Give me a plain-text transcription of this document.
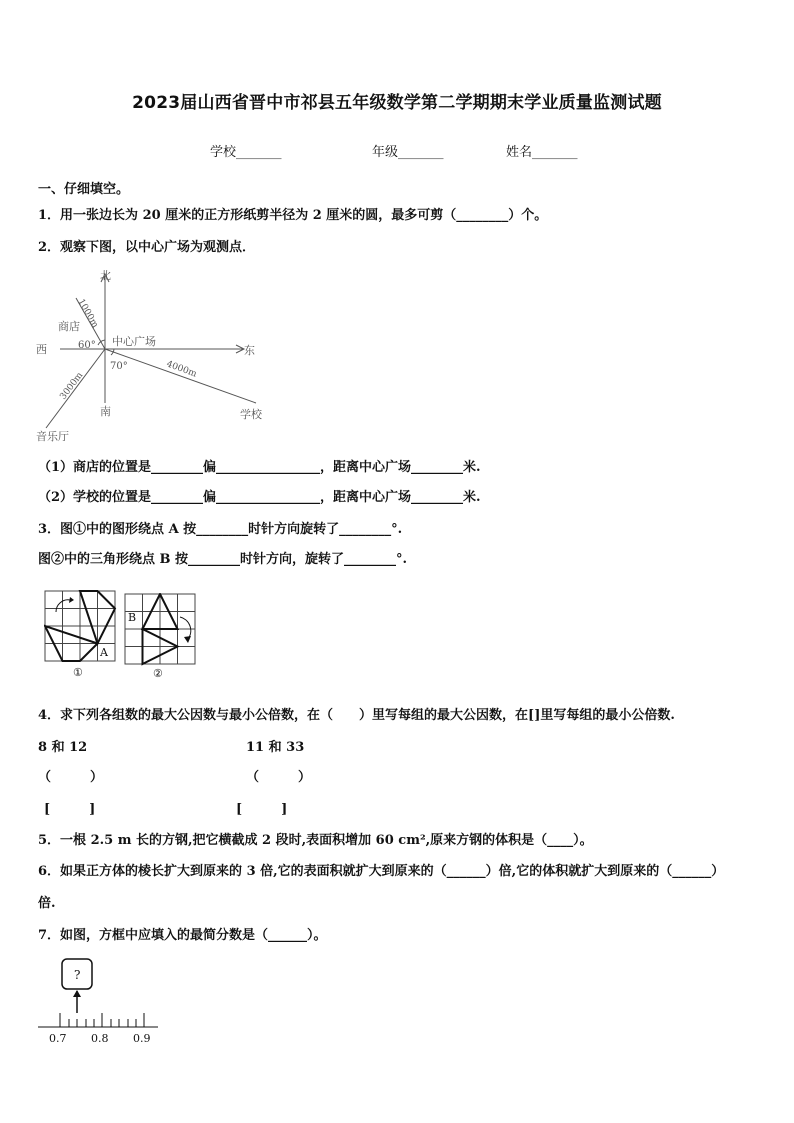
2023届山西省晋中市祁县五年级数学第二学期期末学业质量监测试题
学校_______	年级_______	姓名_______
一、仔细填空。
1．用一张边长为 20 厘米的正方形纸剪半径为 2 厘米的圆，最多可剪（________）个。
2．观察下图，以中心广场为观测点．
北
南
西	东
中心广场
商店
学校
音乐厅
1000m
4000m
3000m
60°
70°
（1）商店的位置是________偏________________，距离中心广场________米.
（2）学校的位置是________偏________________，距离中心广场________米.
3．图①中的图形绕点 A 按________时针方向旋转了________°.
图②中的三角形绕点 B 按________时针方向，旋转了________°.
A
①
B
②
4．求下列各组数的最大公因数与最小公倍数，在（　　）里写每组的最大公因数，在[]里写每组的最小公倍数.
8 和 12	11 和 33
（　　　）	（　　　）
[　　　]	[　　　]
5．一根 2.5 m 长的方钢,把它横截成 2 段时,表面积增加 60 cm²,原来方钢的体积是（____）。
6．如果正方体的棱长扩大到原来的 3 倍,它的表面积就扩大到原来的（______）倍,它的体积就扩大到原来的（______）
倍.
7．如图，方框中应填入的最简分数是（______）。
?
0.7 0.8 0.9
